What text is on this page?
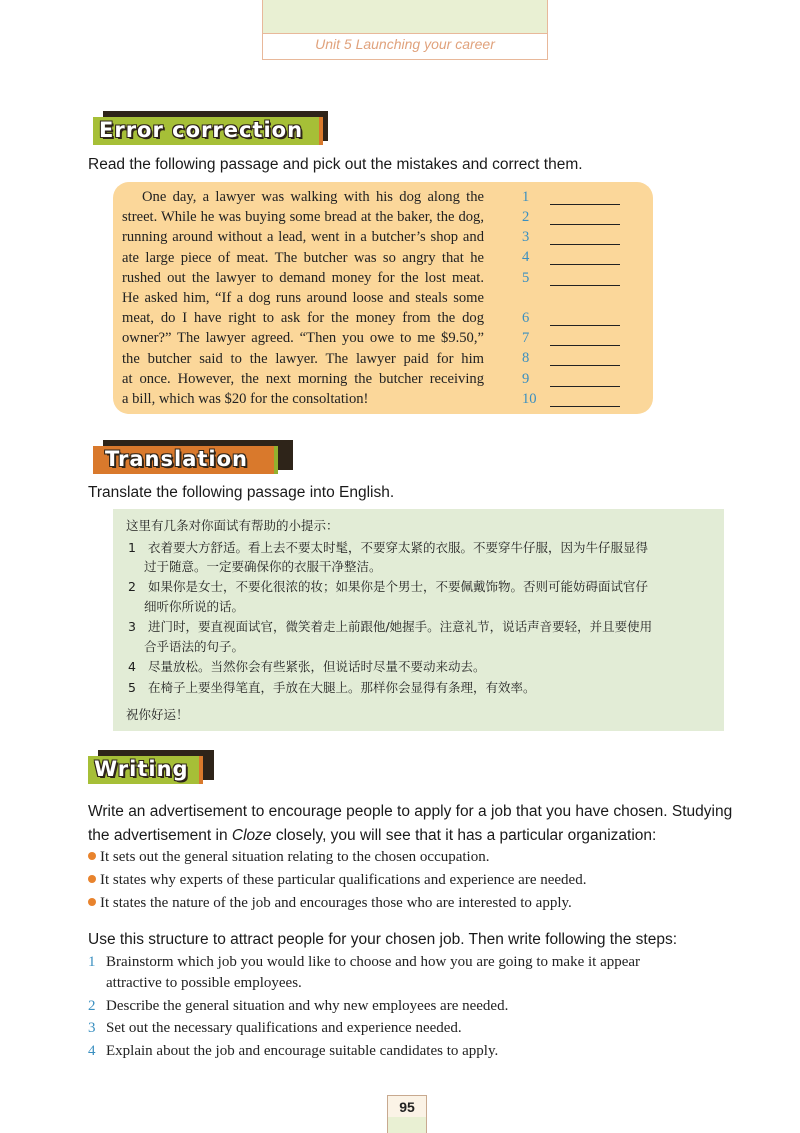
Unit 5 Launching your career
Error correction
Read the following passage and pick out the mistakes and correct them.
One day, a lawyer was walking with his dog along the
street. While he was buying some bread at the baker, the dog,
running around without a lead, went in a butcher’s shop and
ate large piece of meat. The butcher was so angry that he
rushed out the lawyer to demand money for the lost meat.
He asked him, “If a dog runs around loose and steals some
meat, do I have right to ask for the money from the dog
owner?” The lawyer agreed. “Then you owe to me $9.50,”
the butcher said to the lawyer. The lawyer paid for him
at once. However, the next morning the butcher receiving
a bill, which was $20 for the consoltation!
1
2
3
4
5
6
7
8
9
10
Translation
Translate the following passage into English.
这里有几条对你面试有帮助的小提示：
1 衣着要大方舒适。看上去不要太时髦，不要穿太紧的衣服。不要穿牛仔服，因为牛仔服显得
过于随意。一定要确保你的衣服干净整洁。
2 如果你是女士，不要化很浓的妆；如果你是个男士，不要佩戴饰物。否则可能妨碍面试官仔
细听你所说的话。
3 进门时，要直视面试官，微笑着走上前跟他/她握手。注意礼节，说话声音要轻，并且要使用
合乎语法的句子。
4 尽量放松。当然你会有些紧张，但说话时尽量不要动来动去。
5 在椅子上要坐得笔直，手放在大腿上。那样你会显得有条理，有效率。
祝你好运！
Writing
Write an advertisement to encourage people to apply for a job that you have chosen. Studying
the advertisement in Cloze closely, you will see that it has a particular organization:
It sets out the general situation relating to the chosen occupation.
It states why experts of these particular qualifications and experience are needed.
It states the nature of the job and encourages those who are interested to apply.
Use this structure to attract people for your chosen job. Then write following the steps:
1 Brainstorm which job you would like to choose and how you are going to make it appear
attractive to possible employees.
2 Describe the general situation and why new employees are needed.
3 Set out the necessary qualifications and experience needed.
4 Explain about the job and encourage suitable candidates to apply.
95
